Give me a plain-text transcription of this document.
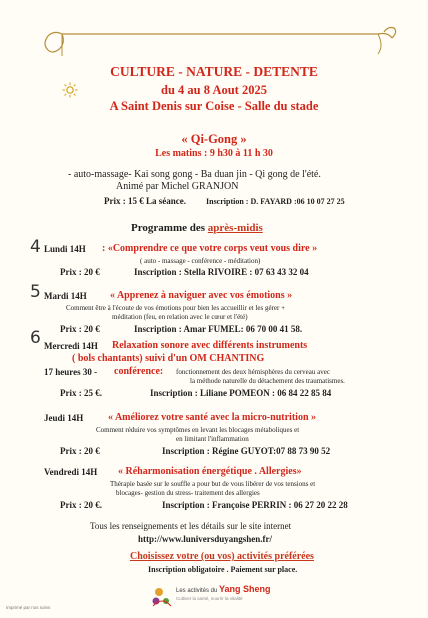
CULTURE - NATURE - DETENTE
du 4 au 8 Aout 2025
A Saint Denis sur Coise - Salle du stade
« Qi-Gong »
Les matins : 9 h30 à 11 h 30
- auto-massage- Kai song gong - Ba duan jin - Qi gong de l'été.
Animé par Michel GRANJON
Prix : 15 € La séance.	Inscription : D. FAYARD :06 10 07 27 25
Programme des après-midis
4
5
6
Lundi 14H : «Comprendre ce que votre corps veut vous dire »
( auto - massage - conférence - méditation)
Prix : 20 €	Inscription : Stella RIVOIRE : 07 63 43 32 04
Mardi 14H « Apprenez à naviguer avec vos émotions »
Comment être à l'écoute de vos émotions pour bien les accueillir et les gérer +
méditation (feu, en relation avec le cœur et l'été)
Prix : 20 €	Inscription : Amar FUMEL: 06 70 00 41 58.
Mercredi 14H Relaxation sonore avec différents instruments
( bols chantants) suivi d'un OM CHANTING
17 heures 30 - conférence: fonctionnement des deux hémisphères du cerveau avec
la méthode naturelle du détachement des traumatismes.
Prix : 25 €.	Inscription : Liliane POMEON : 06 84 22 85 84
Jeudi 14H « Améliorez votre santé avec la micro-nutrition »
Comment réduire vos symptômes en levant les blocages métaboliques et
en limitant l'inflammation
Prix : 20 €	Inscription : Régine GUYOT:07 88 73 90 52
Vendredi 14H « Réharmonisation énergétique . Allergies»
Thérapie basée sur le souffle a pour but de vous libérer de vos tensions et
blocages- gestion du stress- traitement des allergies
Prix : 20 €.	Inscription : Françoise PERRIN : 06 27 20 22 28
Tous les renseignements et les détails sur le site internet
http://www.luniversduyangshen.fr/
Choisissez votre (ou vos) activités préférées
Inscription obligatoire . Paiement sur place.
Les activités du Yang Sheng
Cultiver la santé, nourrir la vitalité
Imprimé par nos soins
